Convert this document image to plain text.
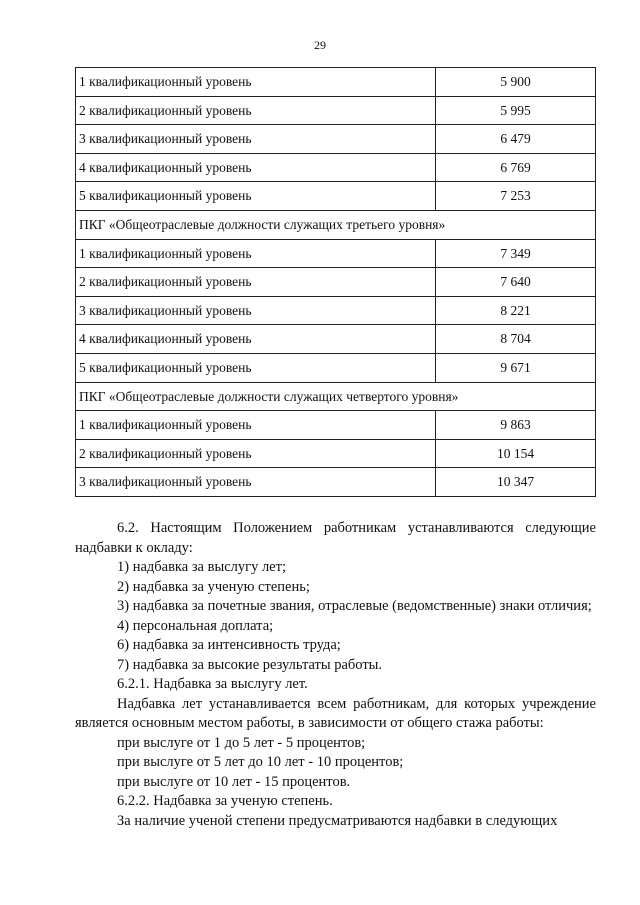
29
1 квалификационный уровень	5 900
2 квалификационный уровень	5 995
3 квалификационный уровень	6 479
4 квалификационный уровень	6 769
5 квалификационный уровень	7 253
ПКГ «Общеотраслевые должности служащих третьего уровня»	
1 квалификационный уровень	7 349
2 квалификационный уровень	7 640
3 квалификационный уровень	8 221
4 квалификационный уровень	8 704
5 квалификационный уровень	9 671
ПКГ «Общеотраслевые должности служащих четвертого уровня»	
1 квалификационный уровень	9 863
2 квалификационный уровень	10 154
3 квалификационный уровень	10 347

6.2. Настоящим Положением работникам устанавливаются следующие надбавки к окладу:

1) надбавка за выслугу лет;

2) надбавка за ученую степень;

3) надбавка за почетные звания, отраслевые (ведомственные) знаки отличия;

4) персональная доплата;

6) надбавка за интенсивность труда;

7) надбавка за высокие результаты работы.

6.2.1. Надбавка за выслугу лет.

Надбавка лет устанавливается всем работникам, для которых учреждение является основным местом работы, в зависимости от общего стажа работы:

при выслуге от 1 до 5 лет - 5 процентов;

при выслуге от 5 лет до 10 лет - 10 процентов;

при выслуге от 10 лет - 15 процентов.

6.2.2. Надбавка за ученую степень.

За наличие ученой степени предусматриваются надбавки в следующих
